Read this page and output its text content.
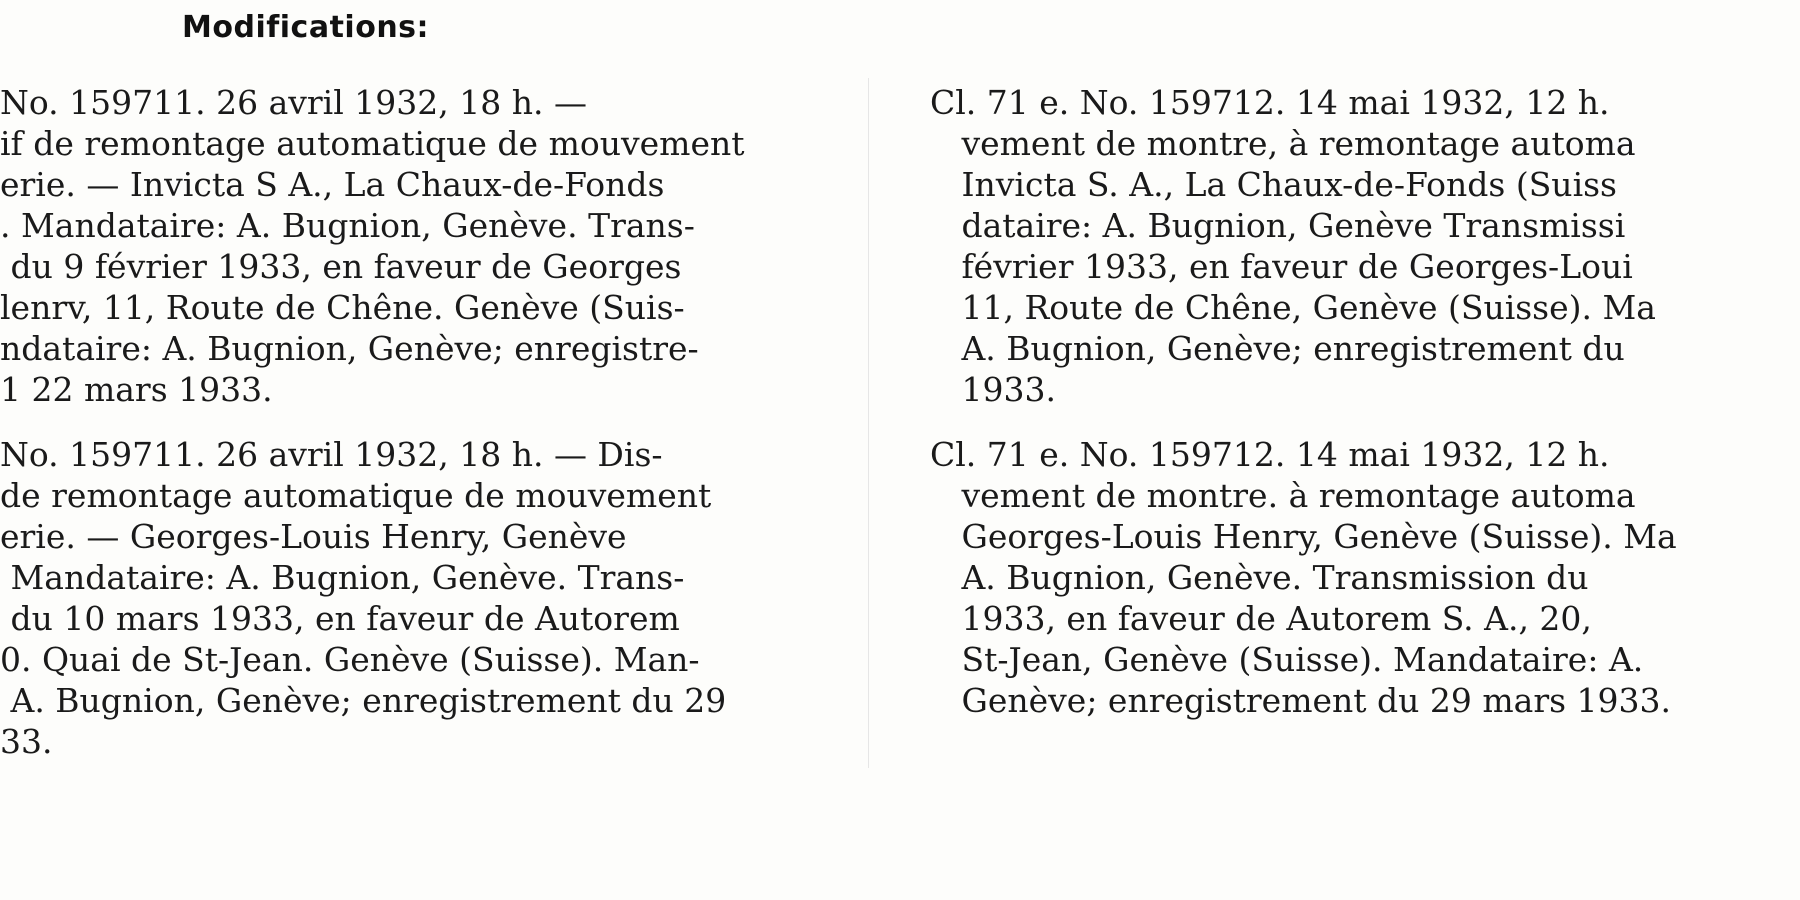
Modifications:
No. 159711. 26 avril 1932, 18 h. —
if de remontage automatique de mouvement
erie. — Invicta S A., La Chaux-de-Fonds
. Mandataire: A. Bugnion, Genève. Trans-
du 9 février 1933, en faveur de Georges
lenrv, 11, Route de Chêne. Genève (Suis-
ndataire: A. Bugnion, Genève; enregistre-
1 22 mars 1933.
No. 159711. 26 avril 1932, 18 h. — Dis-
de remontage automatique de mouvement
erie. — Georges-Louis Henry, Genève
Mandataire: A. Bugnion, Genève. Trans-
du 10 mars 1933, en faveur de Autorem
0. Quai de St-Jean. Genève (Suisse). Man-
A. Bugnion, Genève; enregistrement du 29
33.
Cl. 71 e. No. 159712. 14 mai 1932, 12 h.
vement de montre, à remontage automa
Invicta S. A., La Chaux-de-Fonds (Suiss
dataire: A. Bugnion, Genève Transmissi
février 1933, en faveur de Georges-Loui
11, Route de Chêne, Genève (Suisse). Ma
A. Bugnion, Genève; enregistrement du
1933.
Cl. 71 e. No. 159712. 14 mai 1932, 12 h.
vement de montre. à remontage automa
Georges-Louis Henry, Genève (Suisse). Ma
A. Bugnion, Genève. Transmission du
1933, en faveur de Autorem S. A., 20,
St-Jean, Genève (Suisse). Mandataire: A.
Genève; enregistrement du 29 mars 1933.
